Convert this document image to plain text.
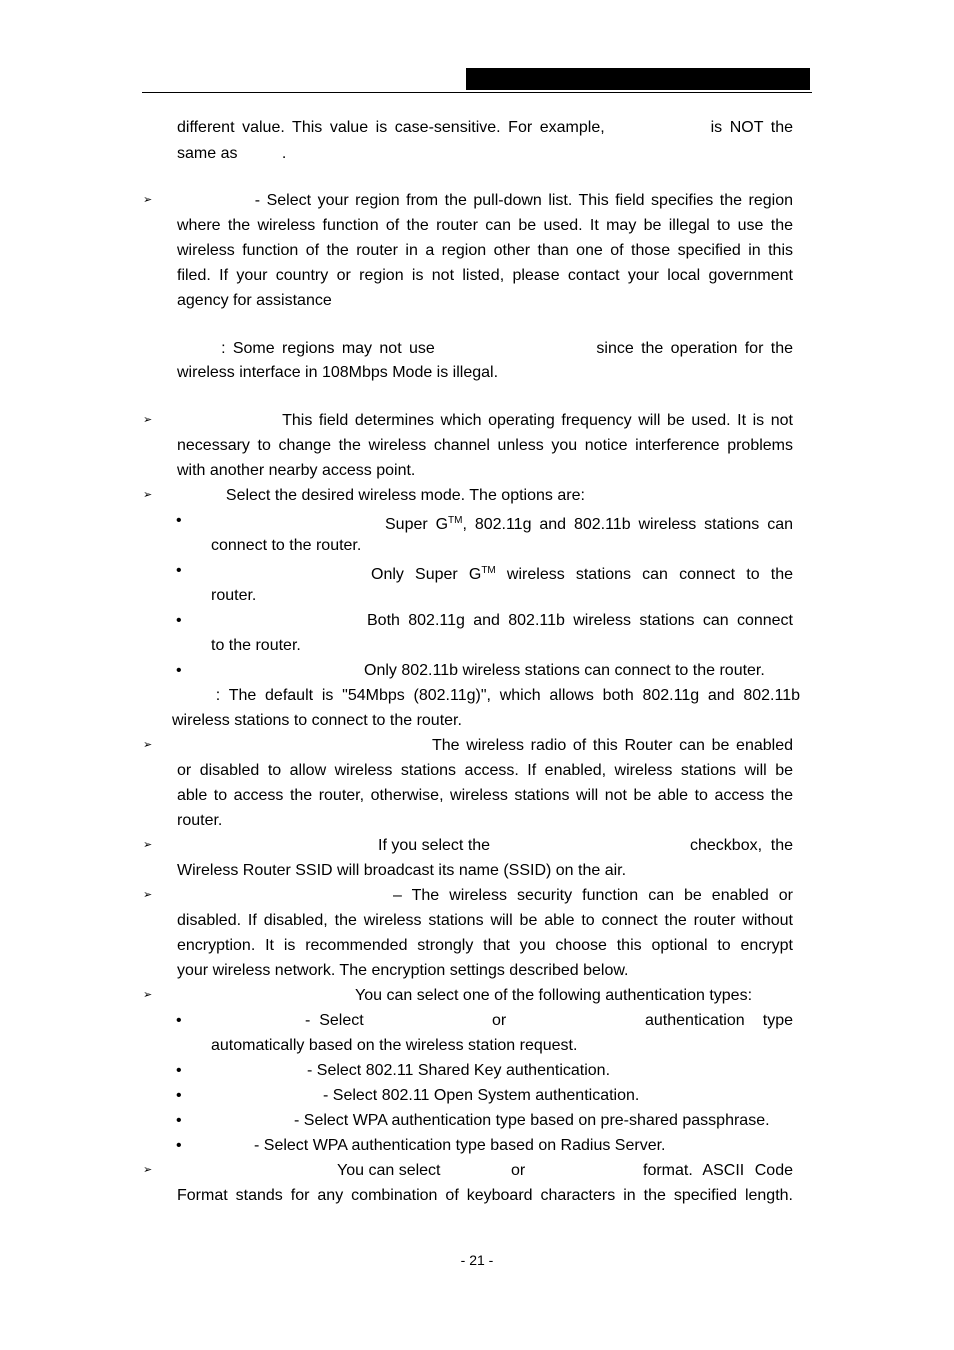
different value. This value is case-sensitive. For example,              is NOT the
same as          .
➢ - Select your region from the pull-down list. This field specifies the region
where the wireless function of the router can be used. It may be illegal to use the
wireless function of the router in a region other than one of those specified in this
filed. If your country or region is not listed, please contact your local government
agency for assistance
: Some regions may not use                      since the operation for the
wireless interface in 108Mbps Mode is illegal.
➢ This field determines which operating frequency will be used. It is not
necessary to change the wireless channel unless you notice interference problems
with another nearby access point.
➢ Select the desired wireless mode. The options are:
•	Super G™, 802.11g and 802.11b wireless stations can
connect to the router.
•	Only Super G™ wireless stations can connect to the
router.
•	Both 802.11g and 802.11b wireless stations can connect
to the router.
•	Only 802.11b wireless stations can connect to the router.
: The default is "54Mbps (802.11g)", which allows both 802.11g and 802.11b
wireless stations to connect to the router.
➢	The wireless radio of this Router can be enabled
or disabled to allow wireless stations access. If enabled, wireless stations will be
able to access the router, otherwise, wireless stations will not be able to access the
router.
➢	If you select the	checkbox, the
Wireless Router SSID will broadcast its name (SSID) on the air.
➢	– The wireless security function can be enabled or
disabled. If disabled, the wireless stations will be able to connect the router without
encryption. It is recommended strongly that you choose this optional to encrypt
your wireless network. The encryption settings described below.
➢	You can select one of the following authentication types:
•	-  Select	or	authentication  type
automatically based on the wireless station request.
•	- Select 802.11 Shared Key authentication.
•	- Select 802.11 Open System authentication.
•	- Select WPA authentication type based on pre-shared passphrase.
•	- Select WPA authentication type based on Radius Server.
➢	You can select	or	format. ASCII Code
Format stands for any combination of keyboard characters in the specified length.
- 21 -
